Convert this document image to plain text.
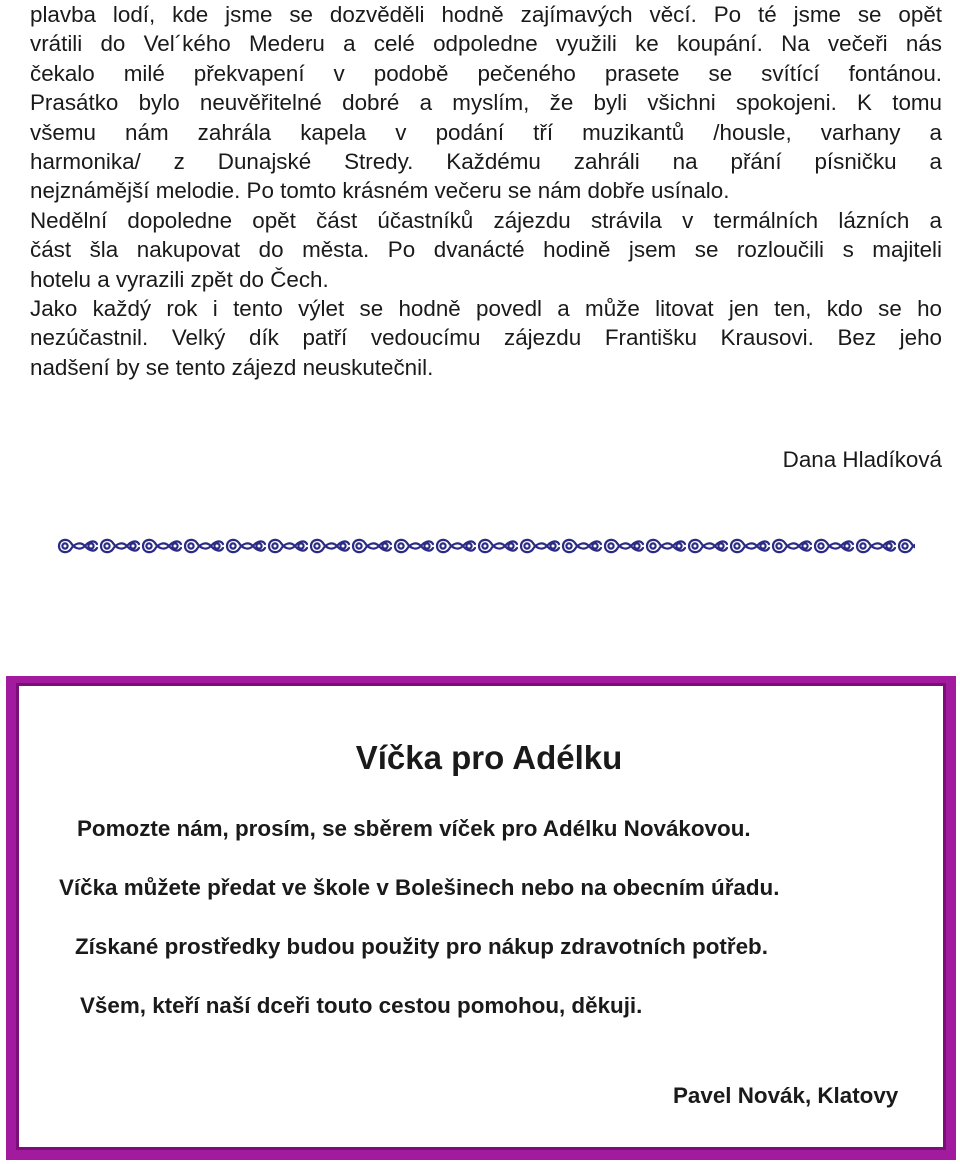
plavba lodí, kde jsme se dozvěděli hodně zajímavých věcí. Po té jsme se opět
vrátili do Vel´kého Mederu a celé odpoledne využili ke koupání. Na večeři nás
čekalo milé překvapení v podobě pečeného prasete se svítící fontánou.
Prasátko bylo neuvěřitelné dobré a myslím, že byli všichni spokojeni. K tomu
všemu nám zahrála kapela v podání tří muzikantů /housle, varhany a
harmonika/ z Dunajské Stredy. Každému zahráli na přání písničku a
nejznámější melodie. Po tomto krásném večeru se nám dobře usínalo.
Nedělní dopoledne opět část účastníků zájezdu strávila v termálních lázních a
část šla nakupovat do města. Po dvanácté hodině jsem se rozloučili s majiteli
hotelu a vyrazili zpět do Čech.
Jako každý rok i tento výlet se hodně povedl a může litovat jen ten, kdo se ho
nezúčastnil. Velký dík patří vedoucímu zájezdu Františku Krausovi. Bez jeho
nadšení by se tento zájezd neuskutečnil.
Dana Hladíková
Víčka pro Adélku
Pomozte nám, prosím, se sběrem víček pro Adélku Novákovou.
Víčka můžete předat ve škole v Bolešinech nebo na obecním úřadu.
Získané prostředky budou použity pro nákup zdravotních potřeb.
Všem, kteří naší dceři touto cestou pomohou, děkuji.
Pavel Novák, Klatovy
